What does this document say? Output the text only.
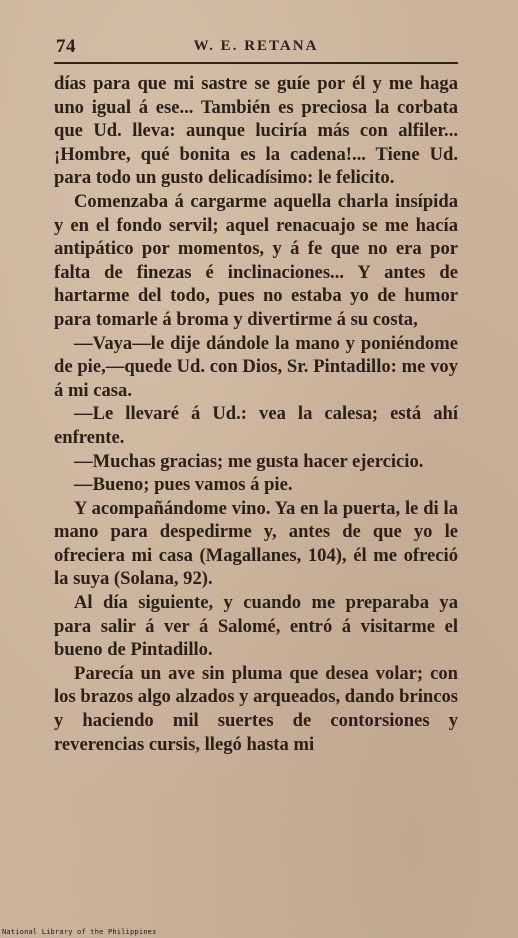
74	W. E. RETANA

días para que mi sastre se guíe por él y me haga uno igual á ese... También es preciosa la corbata que Ud. lleva: aunque luciría más con alfiler... ¡Hombre, qué bonita es la cadena!... Tiene Ud. para todo un gusto delicadísimo: le felicito.

Comenzaba á cargarme aquella charla insípida y en el fondo servil; aquel renacuajo se me hacía antipático por momentos, y á fe que no era por falta de finezas é inclinaciones... Y antes de hartarme del todo, pues no estaba yo de humor para tomarle á broma y divertirme á su costa,

—Vaya—le dije dándole la mano y poniéndome de pie,—quede Ud. con Dios, Sr. Pintadillo: me voy á mi casa.

—Le llevaré á Ud.: vea la calesa; está ahí enfrente.

—Muchas gracias; me gusta hacer ejercicio.

—Bueno; pues vamos á pie.

Y acompañándome vino. Ya en la puerta, le di la mano para despedirme y, antes de que yo le ofreciera mi casa (Magallanes, 104), él me ofreció la suya (Solana, 92).

Al día siguiente, y cuando me preparaba ya para salir á ver á Salomé, entró á visitarme el bueno de Pintadillo.

Parecía un ave sin pluma que desea volar; con los brazos algo alzados y arqueados, dando brincos y haciendo mil suertes de contorsiones y reverencias cursis, llegó hasta mi

National Library of the Philippines
